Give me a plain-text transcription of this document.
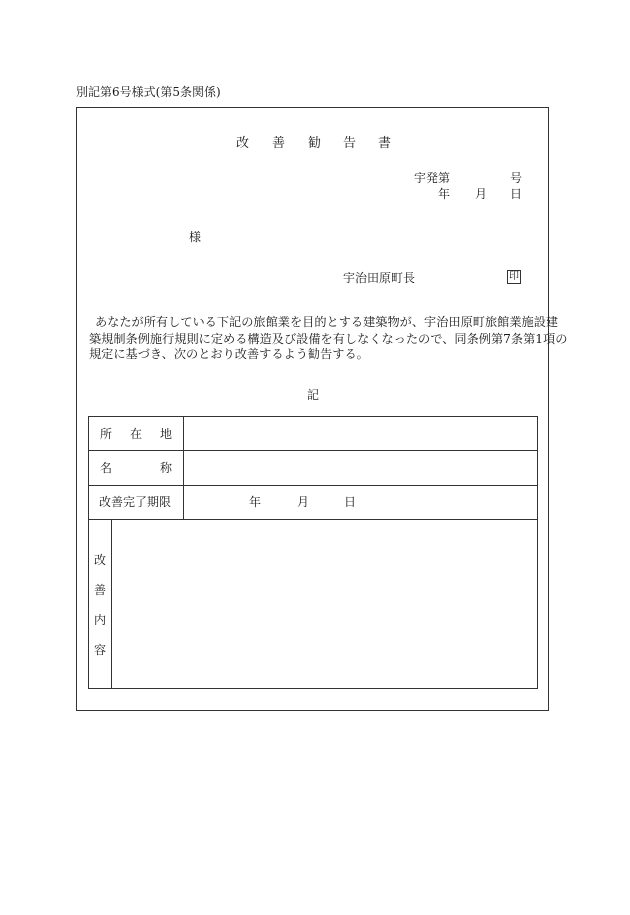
別記第6号様式(第5条関係)
改 善 勧 告 書
宇発第	号
年 月 日
様
宇治田原町長	印
あなたが所有している下記の旅館業を目的とする建築物が、宇治田原町旅館業施設建
築規制条例施行規則に定める構造及び設備を有しなくなったので、同条例第7条第1項の
規定に基づき、次のとおり改善するよう勧告する。
記
所 在 地
名	称
改善完了期限	年	月	日
改
善
内
容
